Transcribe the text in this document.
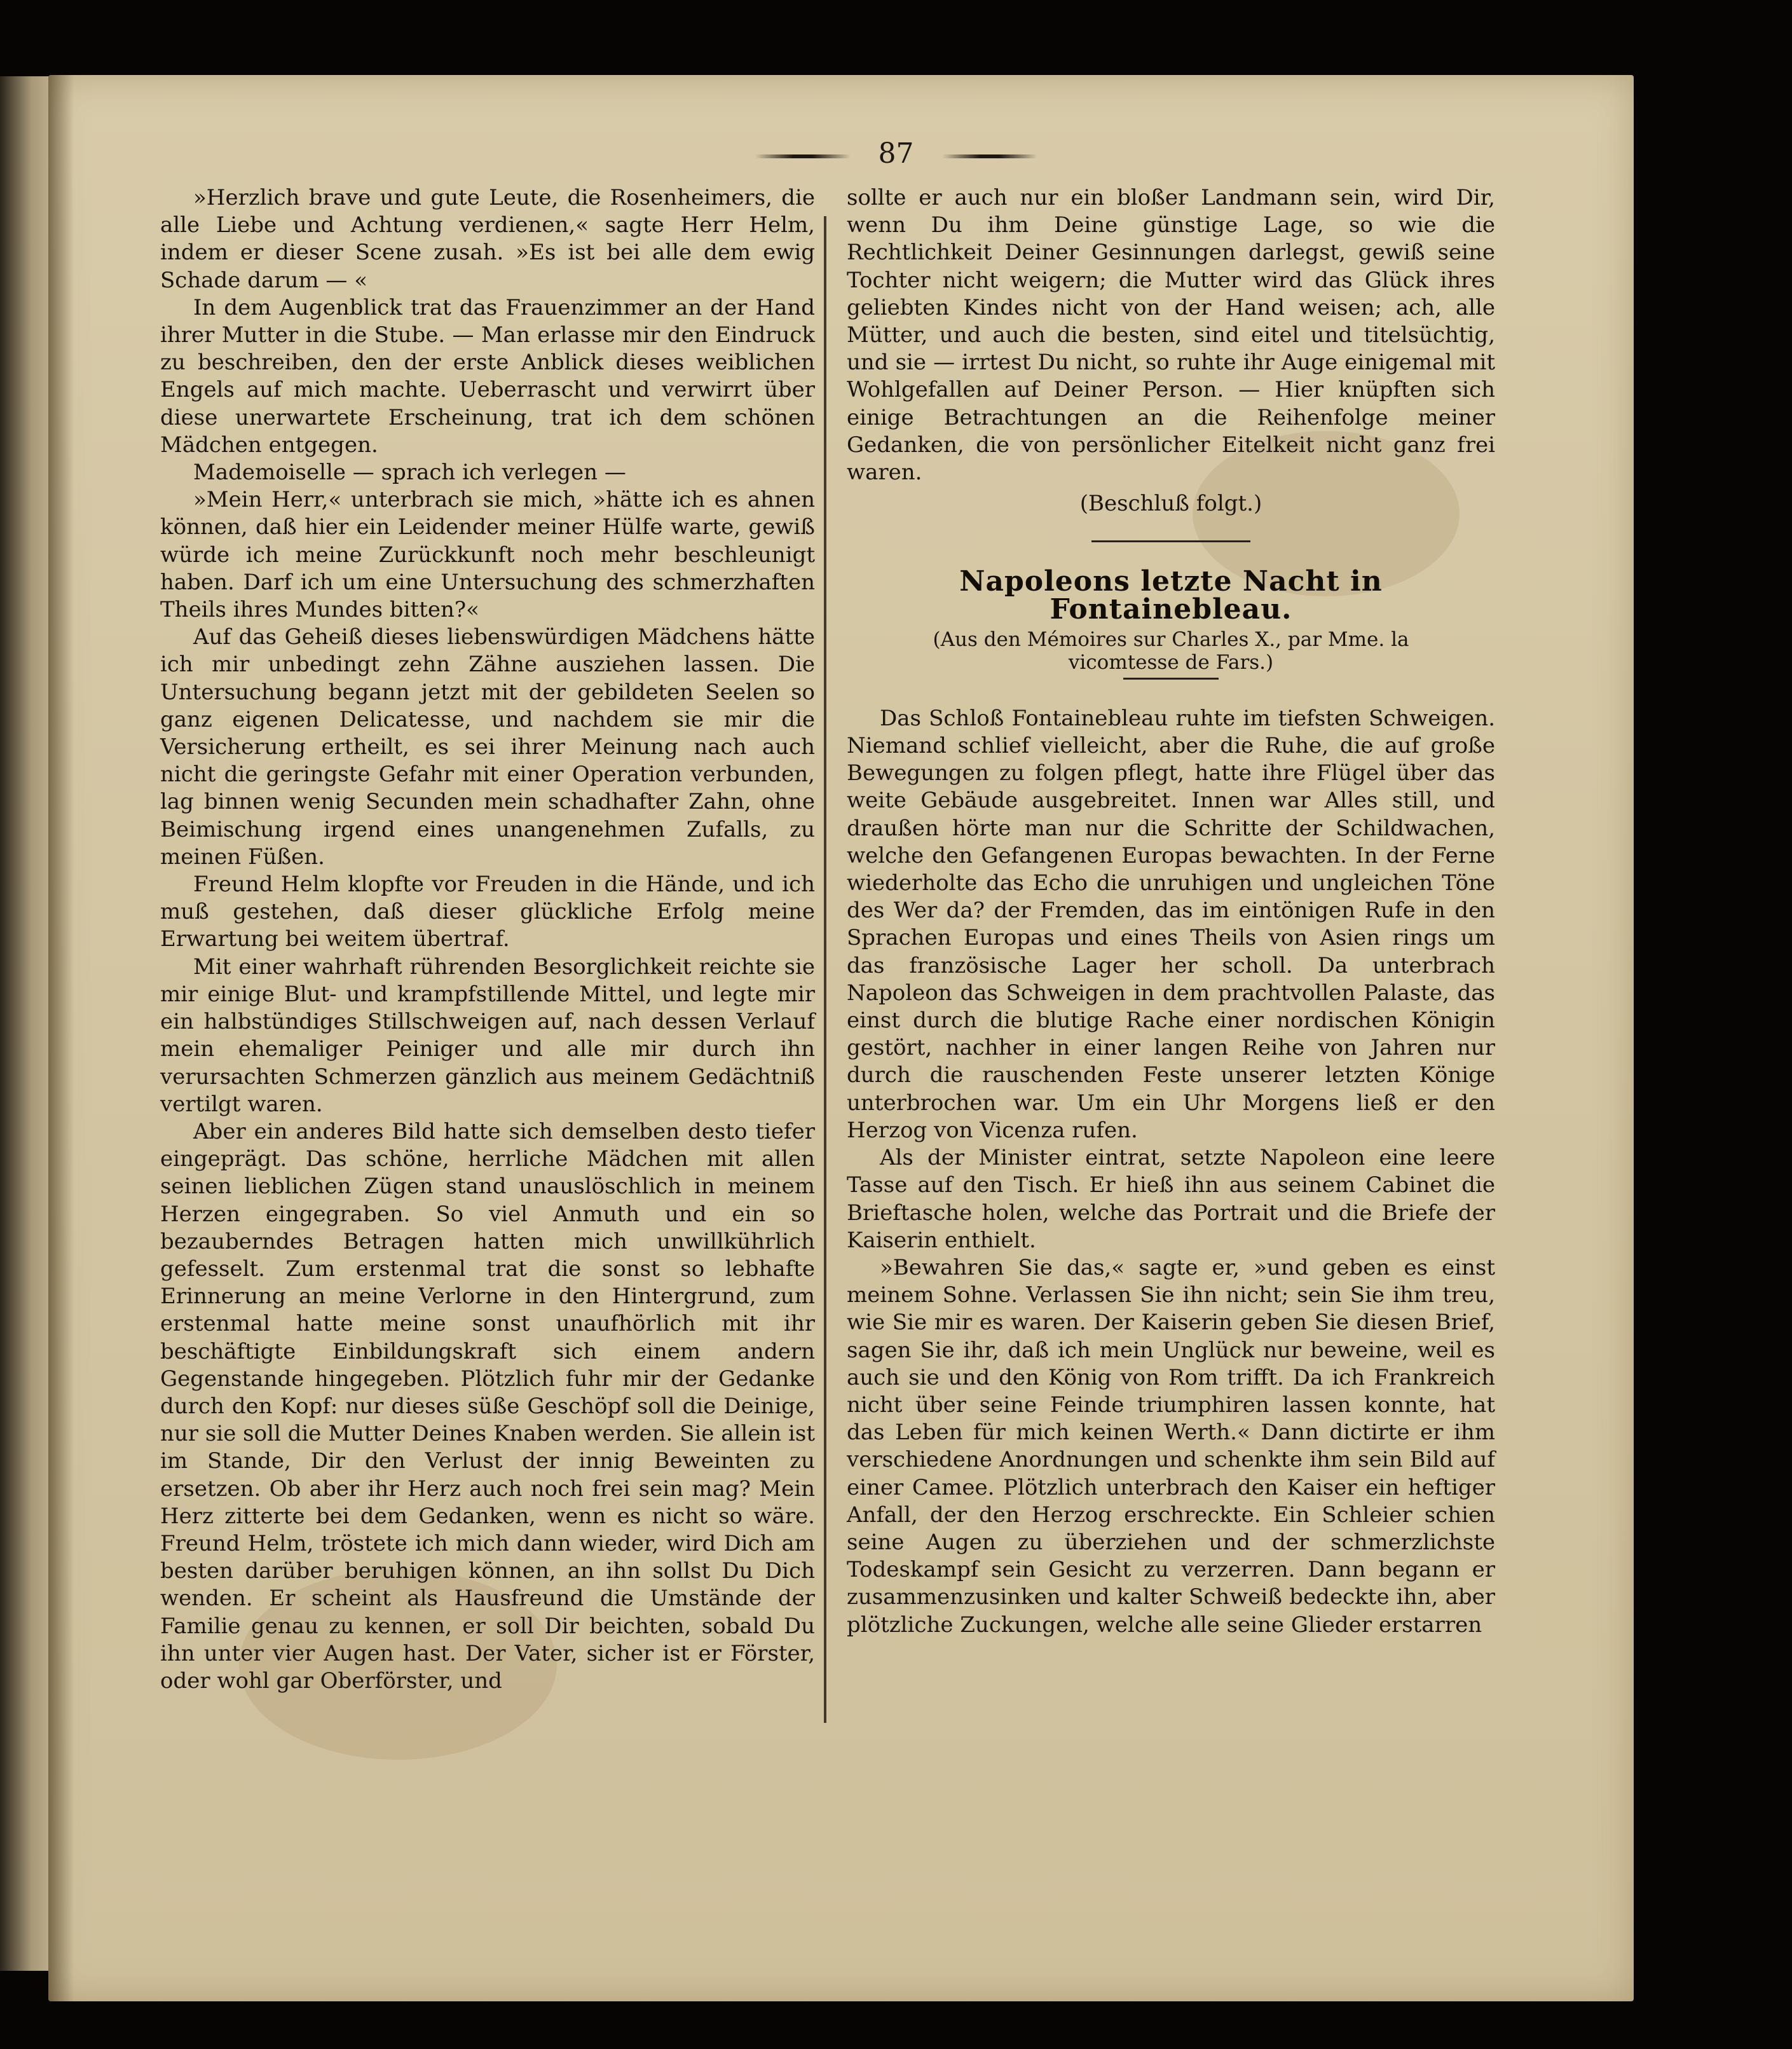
87

»Herzlich brave und gute Leute, die Rosenheimers, die alle Liebe und Achtung verdienen,« sagte Herr Helm, indem er dieser Scene zusah. »Es ist bei alle dem ewig Schade darum — «

In dem Augenblick trat das Frauenzimmer an der Hand ihrer Mutter in die Stube. — Man erlasse mir den Eindruck zu beschreiben, den der erste Anblick dieses weiblichen Engels auf mich machte. Ueberrascht und verwirrt über diese unerwartete Erscheinung, trat ich dem schönen Mädchen entgegen.

Mademoiselle — sprach ich verlegen —

»Mein Herr,« unterbrach sie mich, »hätte ich es ahnen können, daß hier ein Leidender meiner Hülfe warte, gewiß würde ich meine Zurückkunft noch mehr beschleunigt haben. Darf ich um eine Untersuchung des schmerzhaften Theils ihres Mundes bitten?«

Auf das Geheiß dieses liebenswürdigen Mädchens hätte ich mir unbedingt zehn Zähne ausziehen lassen. Die Untersuchung begann jetzt mit der gebildeten Seelen so ganz eigenen Delicatesse, und nachdem sie mir die Versicherung ertheilt, es sei ihrer Meinung nach auch nicht die geringste Gefahr mit einer Operation verbunden, lag binnen wenig Secunden mein schadhafter Zahn, ohne Beimischung irgend eines unangenehmen Zufalls, zu meinen Füßen.

Freund Helm klopfte vor Freuden in die Hände, und ich muß gestehen, daß dieser glückliche Erfolg meine Erwartung bei weitem übertraf.

Mit einer wahrhaft rührenden Besorglichkeit reichte sie mir einige Blut- und krampfstillende Mittel, und legte mir ein halbstündiges Stillschweigen auf, nach dessen Verlauf mein ehemaliger Peiniger und alle mir durch ihn verursachten Schmerzen gänzlich aus meinem Gedächtniß vertilgt waren.

Aber ein anderes Bild hatte sich demselben desto tiefer eingeprägt. Das schöne, herrliche Mädchen mit allen seinen lieblichen Zügen stand unauslöschlich in meinem Herzen eingegraben. So viel Anmuth und ein so bezauberndes Betragen hatten mich unwillkührlich gefesselt. Zum erstenmal trat die sonst so lebhafte Erinnerung an meine Verlorne in den Hintergrund, zum erstenmal hatte meine sonst unaufhörlich mit ihr beschäftigte Einbildungskraft sich einem andern Gegenstande hingegeben. Plötzlich fuhr mir der Gedanke durch den Kopf: nur dieses süße Geschöpf soll die Deinige, nur sie soll die Mutter Deines Knaben werden. Sie allein ist im Stande, Dir den Verlust der innig Beweinten zu ersetzen. Ob aber ihr Herz auch noch frei sein mag? Mein Herz zitterte bei dem Gedanken, wenn es nicht so wäre. Freund Helm, tröstete ich mich dann wieder, wird Dich am besten darüber beruhigen können, an ihn sollst Du Dich wenden. Er scheint als Hausfreund die Umstände der Familie genau zu kennen, er soll Dir beichten, sobald Du ihn unter vier Augen hast. Der Vater, sicher ist er Förster, oder wohl gar Oberförster, und

sollte er auch nur ein bloßer Landmann sein, wird Dir, wenn Du ihm Deine günstige Lage, so wie die Rechtlichkeit Deiner Gesinnungen darlegst, gewiß seine Tochter nicht weigern; die Mutter wird das Glück ihres geliebten Kindes nicht von der Hand weisen; ach, alle Mütter, und auch die besten, sind eitel und titelsüchtig, und sie — irrtest Du nicht, so ruhte ihr Auge einigemal mit Wohlgefallen auf Deiner Person. — Hier knüpften sich einige Betrachtungen an die Reihenfolge meiner Gedanken, die von persönlicher Eitelkeit nicht ganz frei waren.

(Beschluß folgt.)

Napoleons letzte Nacht in Fontainebleau.
(Aus den Mémoires sur Charles X., par Mme. la
vicomtesse de Fars.)

Das Schloß Fontainebleau ruhte im tiefsten Schweigen. Niemand schlief vielleicht, aber die Ruhe, die auf große Bewegungen zu folgen pflegt, hatte ihre Flügel über das weite Gebäude ausgebreitet. Innen war Alles still, und draußen hörte man nur die Schritte der Schildwachen, welche den Gefangenen Europas bewachten. In der Ferne wiederholte das Echo die unruhigen und ungleichen Töne des Wer da? der Fremden, das im eintönigen Rufe in den Sprachen Europas und eines Theils von Asien rings um das französische Lager her scholl. Da unterbrach Napoleon das Schweigen in dem prachtvollen Palaste, das einst durch die blutige Rache einer nordischen Königin gestört, nachher in einer langen Reihe von Jahren nur durch die rauschenden Feste unserer letzten Könige unterbrochen war. Um ein Uhr Morgens ließ er den Herzog von Vicenza rufen.

Als der Minister eintrat, setzte Napoleon eine leere Tasse auf den Tisch. Er hieß ihn aus seinem Cabinet die Brieftasche holen, welche das Portrait und die Briefe der Kaiserin enthielt.

»Bewahren Sie das,« sagte er, »und geben es einst meinem Sohne. Verlassen Sie ihn nicht; sein Sie ihm treu, wie Sie mir es waren. Der Kaiserin geben Sie diesen Brief, sagen Sie ihr, daß ich mein Unglück nur beweine, weil es auch sie und den König von Rom trifft. Da ich Frankreich nicht über seine Feinde triumphiren lassen konnte, hat das Leben für mich keinen Werth.« Dann dictirte er ihm verschiedene Anordnungen und schenkte ihm sein Bild auf einer Camee. Plötzlich unterbrach den Kaiser ein heftiger Anfall, der den Herzog erschreckte. Ein Schleier schien seine Augen zu überziehen und der schmerzlichste Todeskampf sein Gesicht zu verzerren. Dann begann er zusammenzusinken und kalter Schweiß bedeckte ihn, aber plötzliche Zuckungen, welche alle seine Glieder erstarren
